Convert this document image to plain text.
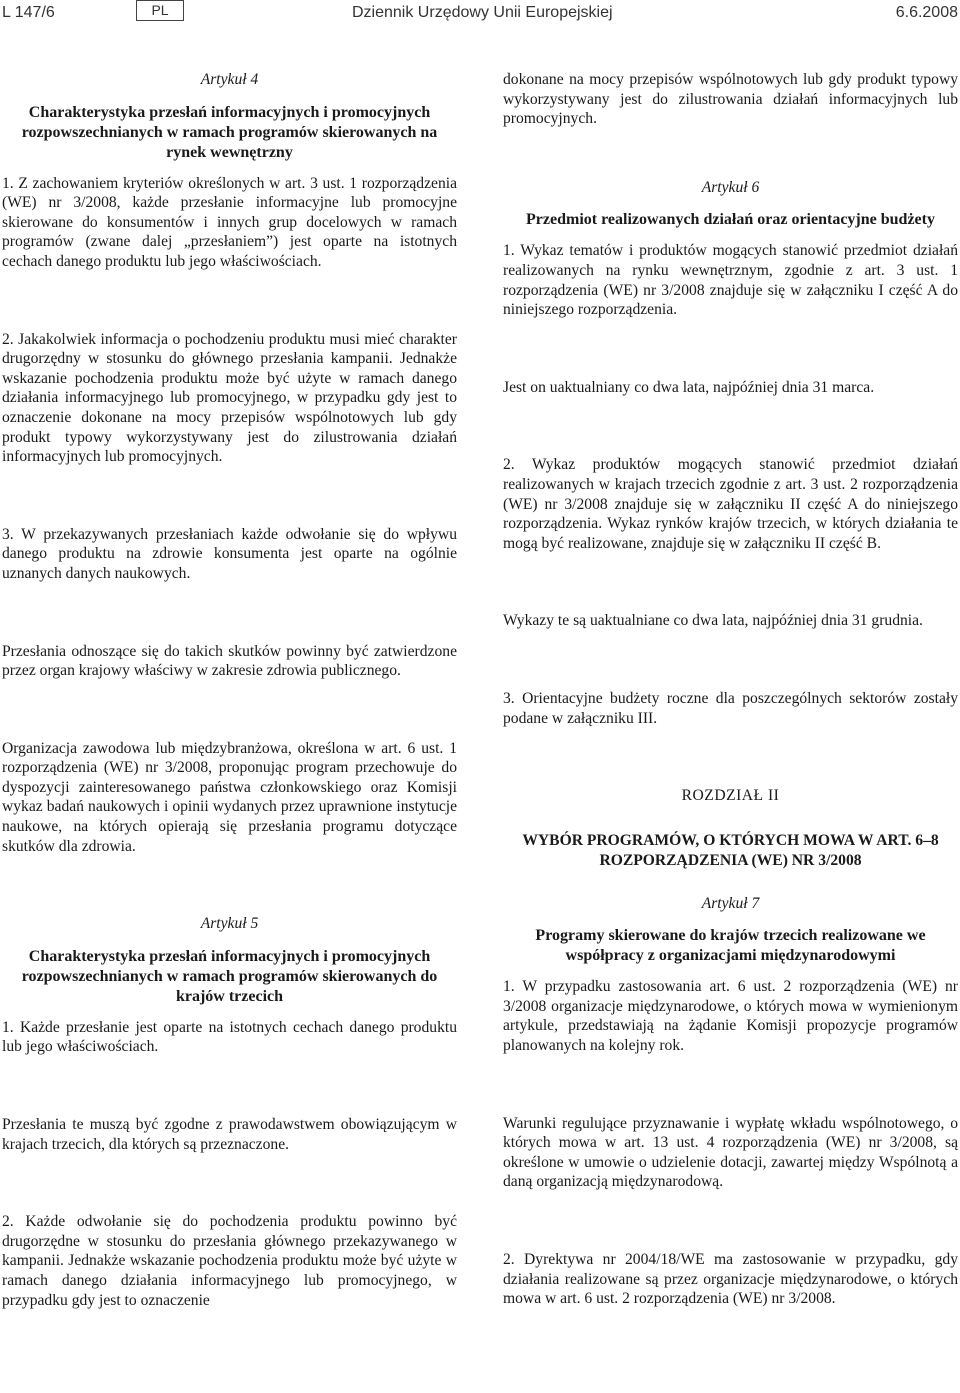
L 147/6	PL	Dziennik Urzędowy Unii Europejskiej	6.6.2008
Artykuł 4
Charakterystyka przesłań informacyjnych i promocyjnych rozpowszechnianych w ramach programów skierowanych na rynek wewnętrzny

1. Z zachowaniem kryteriów określonych w art. 3 ust. 1 rozporządzenia (WE) nr 3/2008, każde przesłanie informacyjne lub promocyjne skierowane do konsumentów i innych grup docelowych w ramach programów (zwane dalej „przesłaniem”) jest oparte na istotnych cechach danego produktu lub jego właściwościach.

2. Jakakolwiek informacja o pochodzeniu produktu musi mieć charakter drugorzędny w stosunku do głównego przesłania kampanii. Jednakże wskazanie pochodzenia produktu może być użyte w ramach danego działania informacyjnego lub promocyjnego, w przypadku gdy jest to oznaczenie dokonane na mocy przepisów wspólnotowych lub gdy produkt typowy wykorzystywany jest do zilustrowania działań informacyjnych lub promocyjnych.

3. W przekazywanych przesłaniach każde odwołanie się do wpływu danego produktu na zdrowie konsumenta jest oparte na ogólnie uznanych danych naukowych.

Przesłania odnoszące się do takich skutków powinny być zatwierdzone przez organ krajowy właściwy w zakresie zdrowia publicznego.

Organizacja zawodowa lub międzybranżowa, określona w art. 6 ust. 1 rozporządzenia (WE) nr 3/2008, proponując program przechowuje do dyspozycji zainteresowanego państwa członkowskiego oraz Komisji wykaz badań naukowych i opinii wydanych przez uprawnione instytucje naukowe, na których opierają się przesłania programu dotyczące skutków dla zdrowia.

Artykuł 5
Charakterystyka przesłań informacyjnych i promocyjnych rozpowszechnianych w ramach programów skierowanych do krajów trzecich

1. Każde przesłanie jest oparte na istotnych cechach danego produktu lub jego właściwościach.

Przesłania te muszą być zgodne z prawodawstwem obowiązującym w krajach trzecich, dla których są przeznaczone.

2. Każde odwołanie się do pochodzenia produktu powinno być drugorzędne w stosunku do przesłania głównego przekazywanego w kampanii. Jednakże wskazanie pochodzenia produktu może być użyte w ramach danego działania informacyjnego lub promocyjnego, w przypadku gdy jest to oznaczenie

dokonane na mocy przepisów wspólnotowych lub gdy produkt typowy wykorzystywany jest do zilustrowania działań informacyjnych lub promocyjnych.

Artykuł 6
Przedmiot realizowanych działań oraz orientacyjne budżety

1. Wykaz tematów i produktów mogących stanowić przedmiot działań realizowanych na rynku wewnętrznym, zgodnie z art. 3 ust. 1 rozporządzenia (WE) nr 3/2008 znajduje się w załączniku I część A do niniejszego rozporządzenia.

Jest on uaktualniany co dwa lata, najpóźniej dnia 31 marca.

2. Wykaz produktów mogących stanowić przedmiot działań realizowanych w krajach trzecich zgodnie z art. 3 ust. 2 rozporządzenia (WE) nr 3/2008 znajduje się w załączniku II część A do niniejszego rozporządzenia. Wykaz rynków krajów trzecich, w których działania te mogą być realizowane, znajduje się w załączniku II część B.

Wykazy te są uaktualniane co dwa lata, najpóźniej dnia 31 grudnia.

3. Orientacyjne budżety roczne dla poszczególnych sektorów zostały podane w załączniku III.

ROZDZIAŁ II
WYBÓR PROGRAMÓW, O KTÓRYCH MOWA W ART. 6–8 ROZPORZĄDZENIA (WE) NR 3/2008
Artykuł 7
Programy skierowane do krajów trzecich realizowane we współpracy z organizacjami międzynarodowymi

1. W przypadku zastosowania art. 6 ust. 2 rozporządzenia (WE) nr 3/2008 organizacje międzynarodowe, o których mowa w wymienionym artykule, przedstawiają na żądanie Komisji propozycje programów planowanych na kolejny rok.

Warunki regulujące przyznawanie i wypłatę wkładu wspólnotowego, o których mowa w art. 13 ust. 4 rozporządzenia (WE) nr 3/2008, są określone w umowie o udzielenie dotacji, zawartej między Wspólnotą a daną organizacją międzynarodową.

2. Dyrektywa nr 2004/18/WE ma zastosowanie w przypadku, gdy działania realizowane są przez organizacje międzynarodowe, o których mowa w art. 6 ust. 2 rozporządzenia (WE) nr 3/2008.
